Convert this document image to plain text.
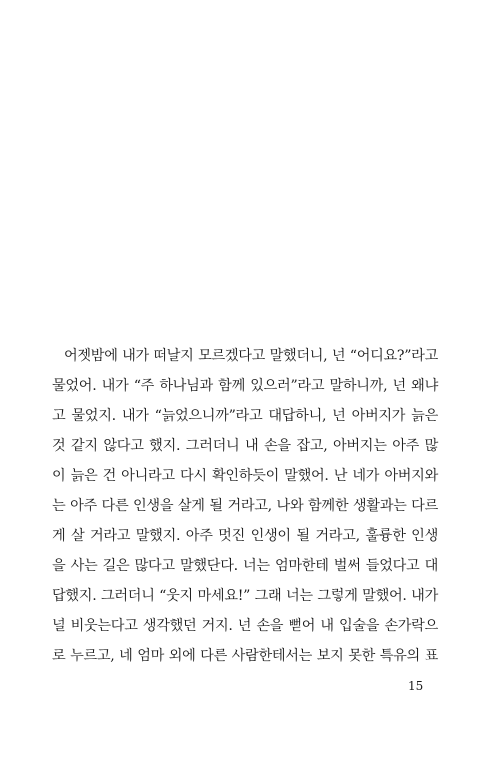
어젯밤에 내가 떠날지 모르겠다고 말했더니, 넌 “어디요?”라고
물었어. 내가 “주 하나님과 함께 있으러”라고 말하니까, 넌 왜냐
고 물었지. 내가 “늙었으니까”라고 대답하니, 넌 아버지가 늙은
것 같지 않다고 했지. 그러더니 내 손을 잡고, 아버지는 아주 많
이 늙은 건 아니라고 다시 확인하듯이 말했어. 난 네가 아버지와
는 아주 다른 인생을 살게 될 거라고, 나와 함께한 생활과는 다르
게 살 거라고 말했지. 아주 멋진 인생이 될 거라고, 훌륭한 인생
을 사는 길은 많다고 말했단다. 너는 엄마한테 벌써 들었다고 대
답했지. 그러더니 “웃지 마세요!” 그래 너는 그렇게 말했어. 내가
널 비웃는다고 생각했던 거지. 넌 손을 뻗어 내 입술을 손가락으
로 누르고, 네 엄마 외에 다른 사람한테서는 보지 못한 특유의 표
15
